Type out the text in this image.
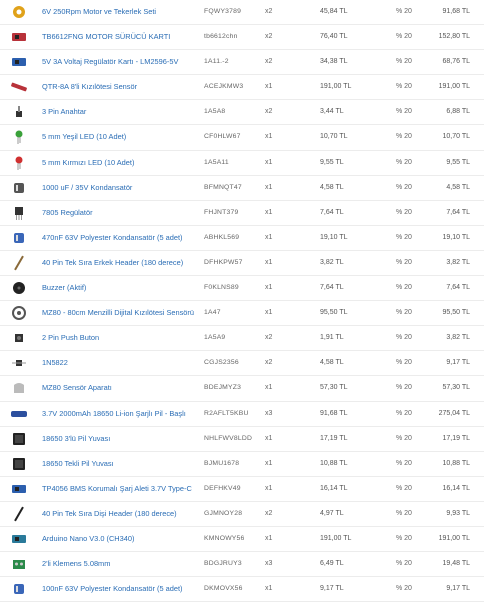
6V 250Rpm Motor ve Tekerlek Seti	FQWY3789	x2	45,84 TL	% 20	91,68 TL
TB6612FNG MOTOR SÜRÜCÜ KARTI	tb6612chn	x2	76,40 TL	% 20	152,80 TL
5V 3A Voltaj Regülatör Kartı - LM2596-5V	1A11.-2	x2	34,38 TL	% 20	68,76 TL
QTR-8A 8'li Kızılötesi Sensör	ACEJKMW3	x1	191,00 TL	% 20	191,00 TL
3 Pin Anahtar	1A5A8	x2	3,44 TL	% 20	6,88 TL
5 mm Yeşil LED (10 Adet)	CF0HLW67	x1	10,70 TL	% 20	10,70 TL
5 mm Kırmızı LED (10 Adet)	1A5A11	x1	9,55 TL	% 20	9,55 TL
1000 uF / 35V Kondansatör	BFMNQT47	x1	4,58 TL	% 20	4,58 TL
7805 Regülatör	FHJNT379	x1	7,64 TL	% 20	7,64 TL
470nF 63V Polyester Kondansatör (5 adet)	ABHKL569	x1	19,10 TL	% 20	19,10 TL
40 Pin Tek Sıra Erkek Header (180 derece)	DFHKPW57	x1	3,82 TL	% 20	3,82 TL
Buzzer (Aktif)	F0KLNS89	x1	7,64 TL	% 20	7,64 TL
MZ80 - 80cm Menzilli Dijital Kızılötesi Sensörü	1A47	x1	95,50 TL	% 20	95,50 TL
2 Pin Push Buton	1A5A9	x2	1,91 TL	% 20	3,82 TL
1N5822	CGJS2356	x2	4,58 TL	% 20	9,17 TL
MZ80 Sensör Aparatı	BDEJMYZ3	x1	57,30 TL	% 20	57,30 TL
3.7V 2000mAh 18650 Li-ion Şarjlı Pil - Başlı	R2AFLT5KBU	x3	91,68 TL	% 20	275,04 TL
18650 3'lü Pil Yuvası	NHLFWV8LDD	x1	17,19 TL	% 20	17,19 TL
18650 Tekli Pil Yuvası	BJMU1678	x1	10,88 TL	% 20	10,88 TL
TP4056 BMS Korumalı Şarj Aleti 3.7V Type-C	DEFHKV49	x1	16,14 TL	% 20	16,14 TL
40 Pin Tek Sıra Dişi Header (180 derece)	GJMNOY28	x2	4,97 TL	% 20	9,93 TL
Arduino Nano V3.0 (CH340)	KMNOWY56	x1	191,00 TL	% 20	191,00 TL
2'li Klemens 5.08mm	BDGJRUY3	x3	6,49 TL	% 20	19,48 TL
100nF 63V Polyester Kondansatör (5 adet)	DKMOVX56	x1	9,17 TL	% 20	9,17 TL
